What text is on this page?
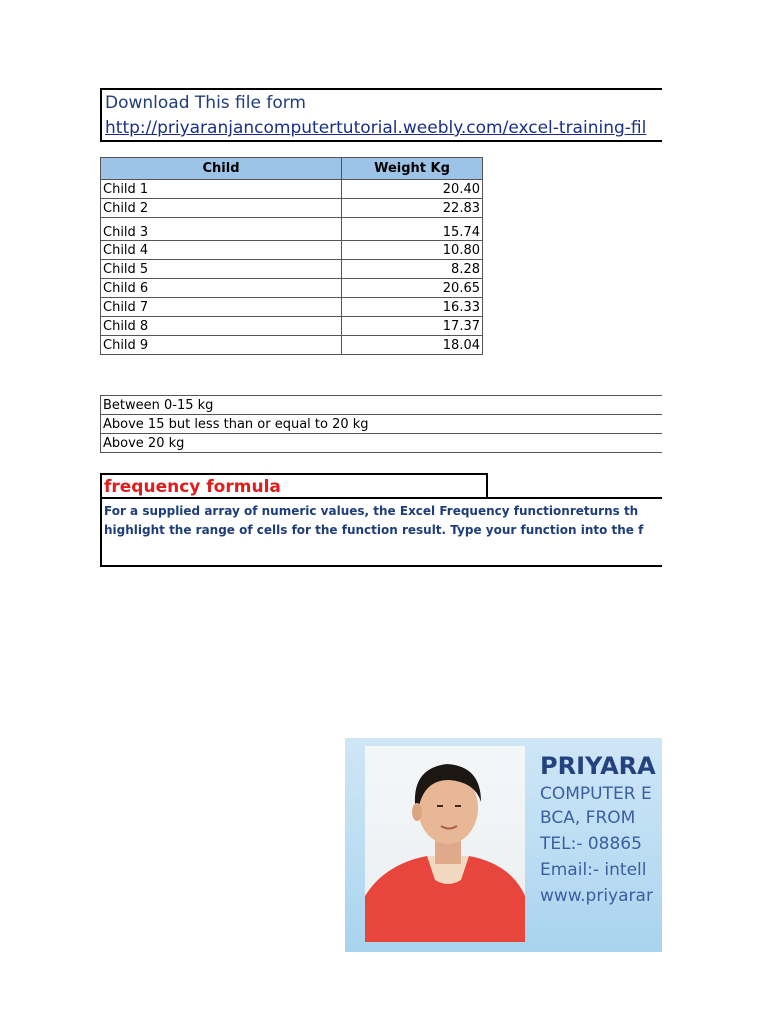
Download This file form
http://priyaranjancomputertutorial.weebly.com/excel-training-fil
Child	Weight Kg
Child 1	20.40
Child 2	22.83
Child 3	15.74
Child 4	10.80
Child 5	8.28
Child 6	20.65
Child 7	16.33
Child 8	17.37
Child 9	18.04
Between 0-15 kg
Above 15 but less than or equal to 20 kg
Above 20 kg
frequency formula
For a supplied array of numeric values, the Excel Frequency functionreturns th
highlight the range of cells for the function result. Type your function into the f
PRIYARA
COMPUTER E
BCA, FROM
TEL:- 08865
Email:- intell
www.priyarar
